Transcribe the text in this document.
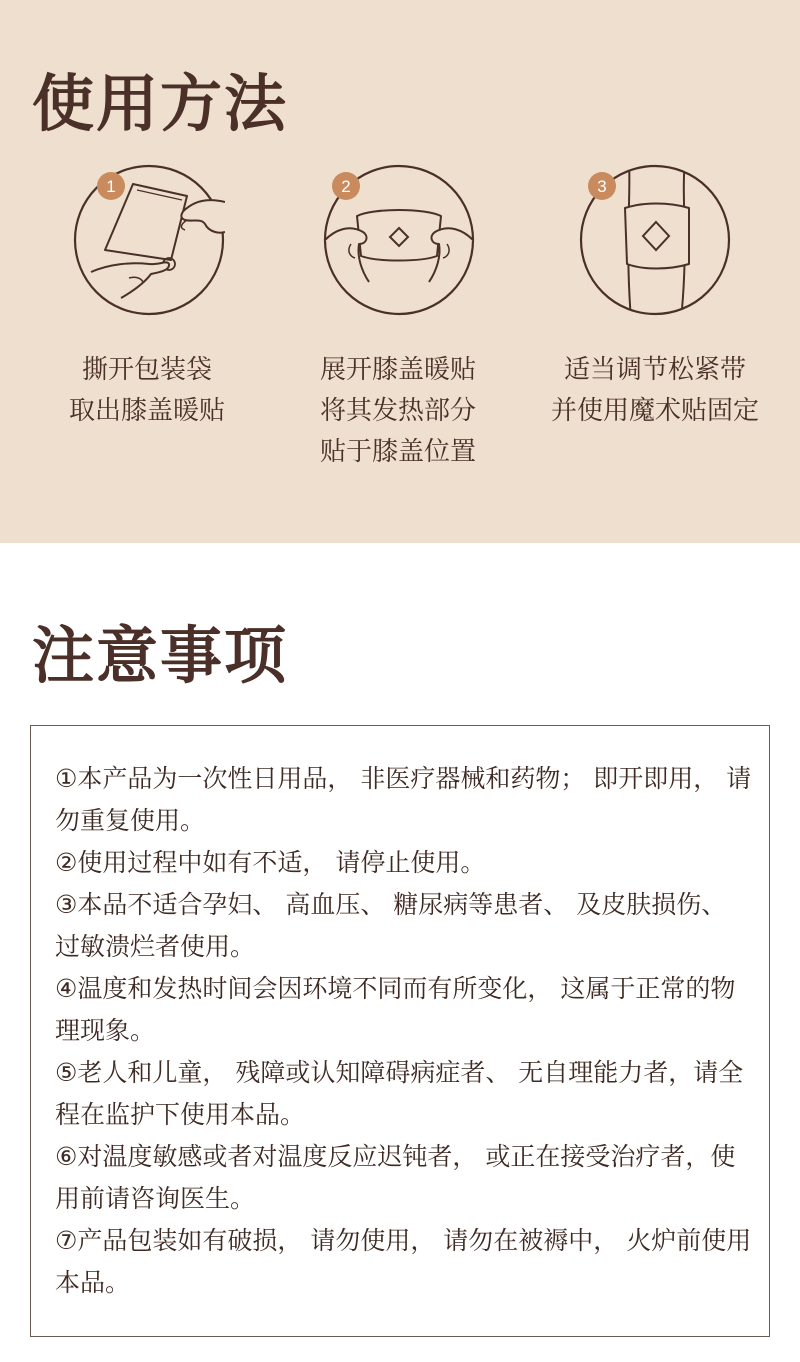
使用方法
1
撕开包装袋
取出膝盖暖贴
2
展开膝盖暖贴
将其发热部分
贴于膝盖位置
3
适当调节松紧带
并使用魔术贴固定
注意事项

①本产品为一次性日用品， 非医疗器械和药物； 即开即用， 请勿重复使用。

②使用过程中如有不适， 请停止使用。

③本品不适合孕妇、 高血压、 糖尿病等患者、 及皮肤损伤、 过敏溃烂者使用。

④温度和发热时间会因环境不同而有所变化， 这属于正常的物理现象。

⑤老人和儿童， 残障或认知障碍病症者、 无自理能力者，请全程在监护下使用本品。

⑥对温度敏感或者对温度反应迟钝者， 或正在接受治疗者，使用前请咨询医生。

⑦产品包装如有破损， 请勿使用， 请勿在被褥中， 火炉前使用本品。
